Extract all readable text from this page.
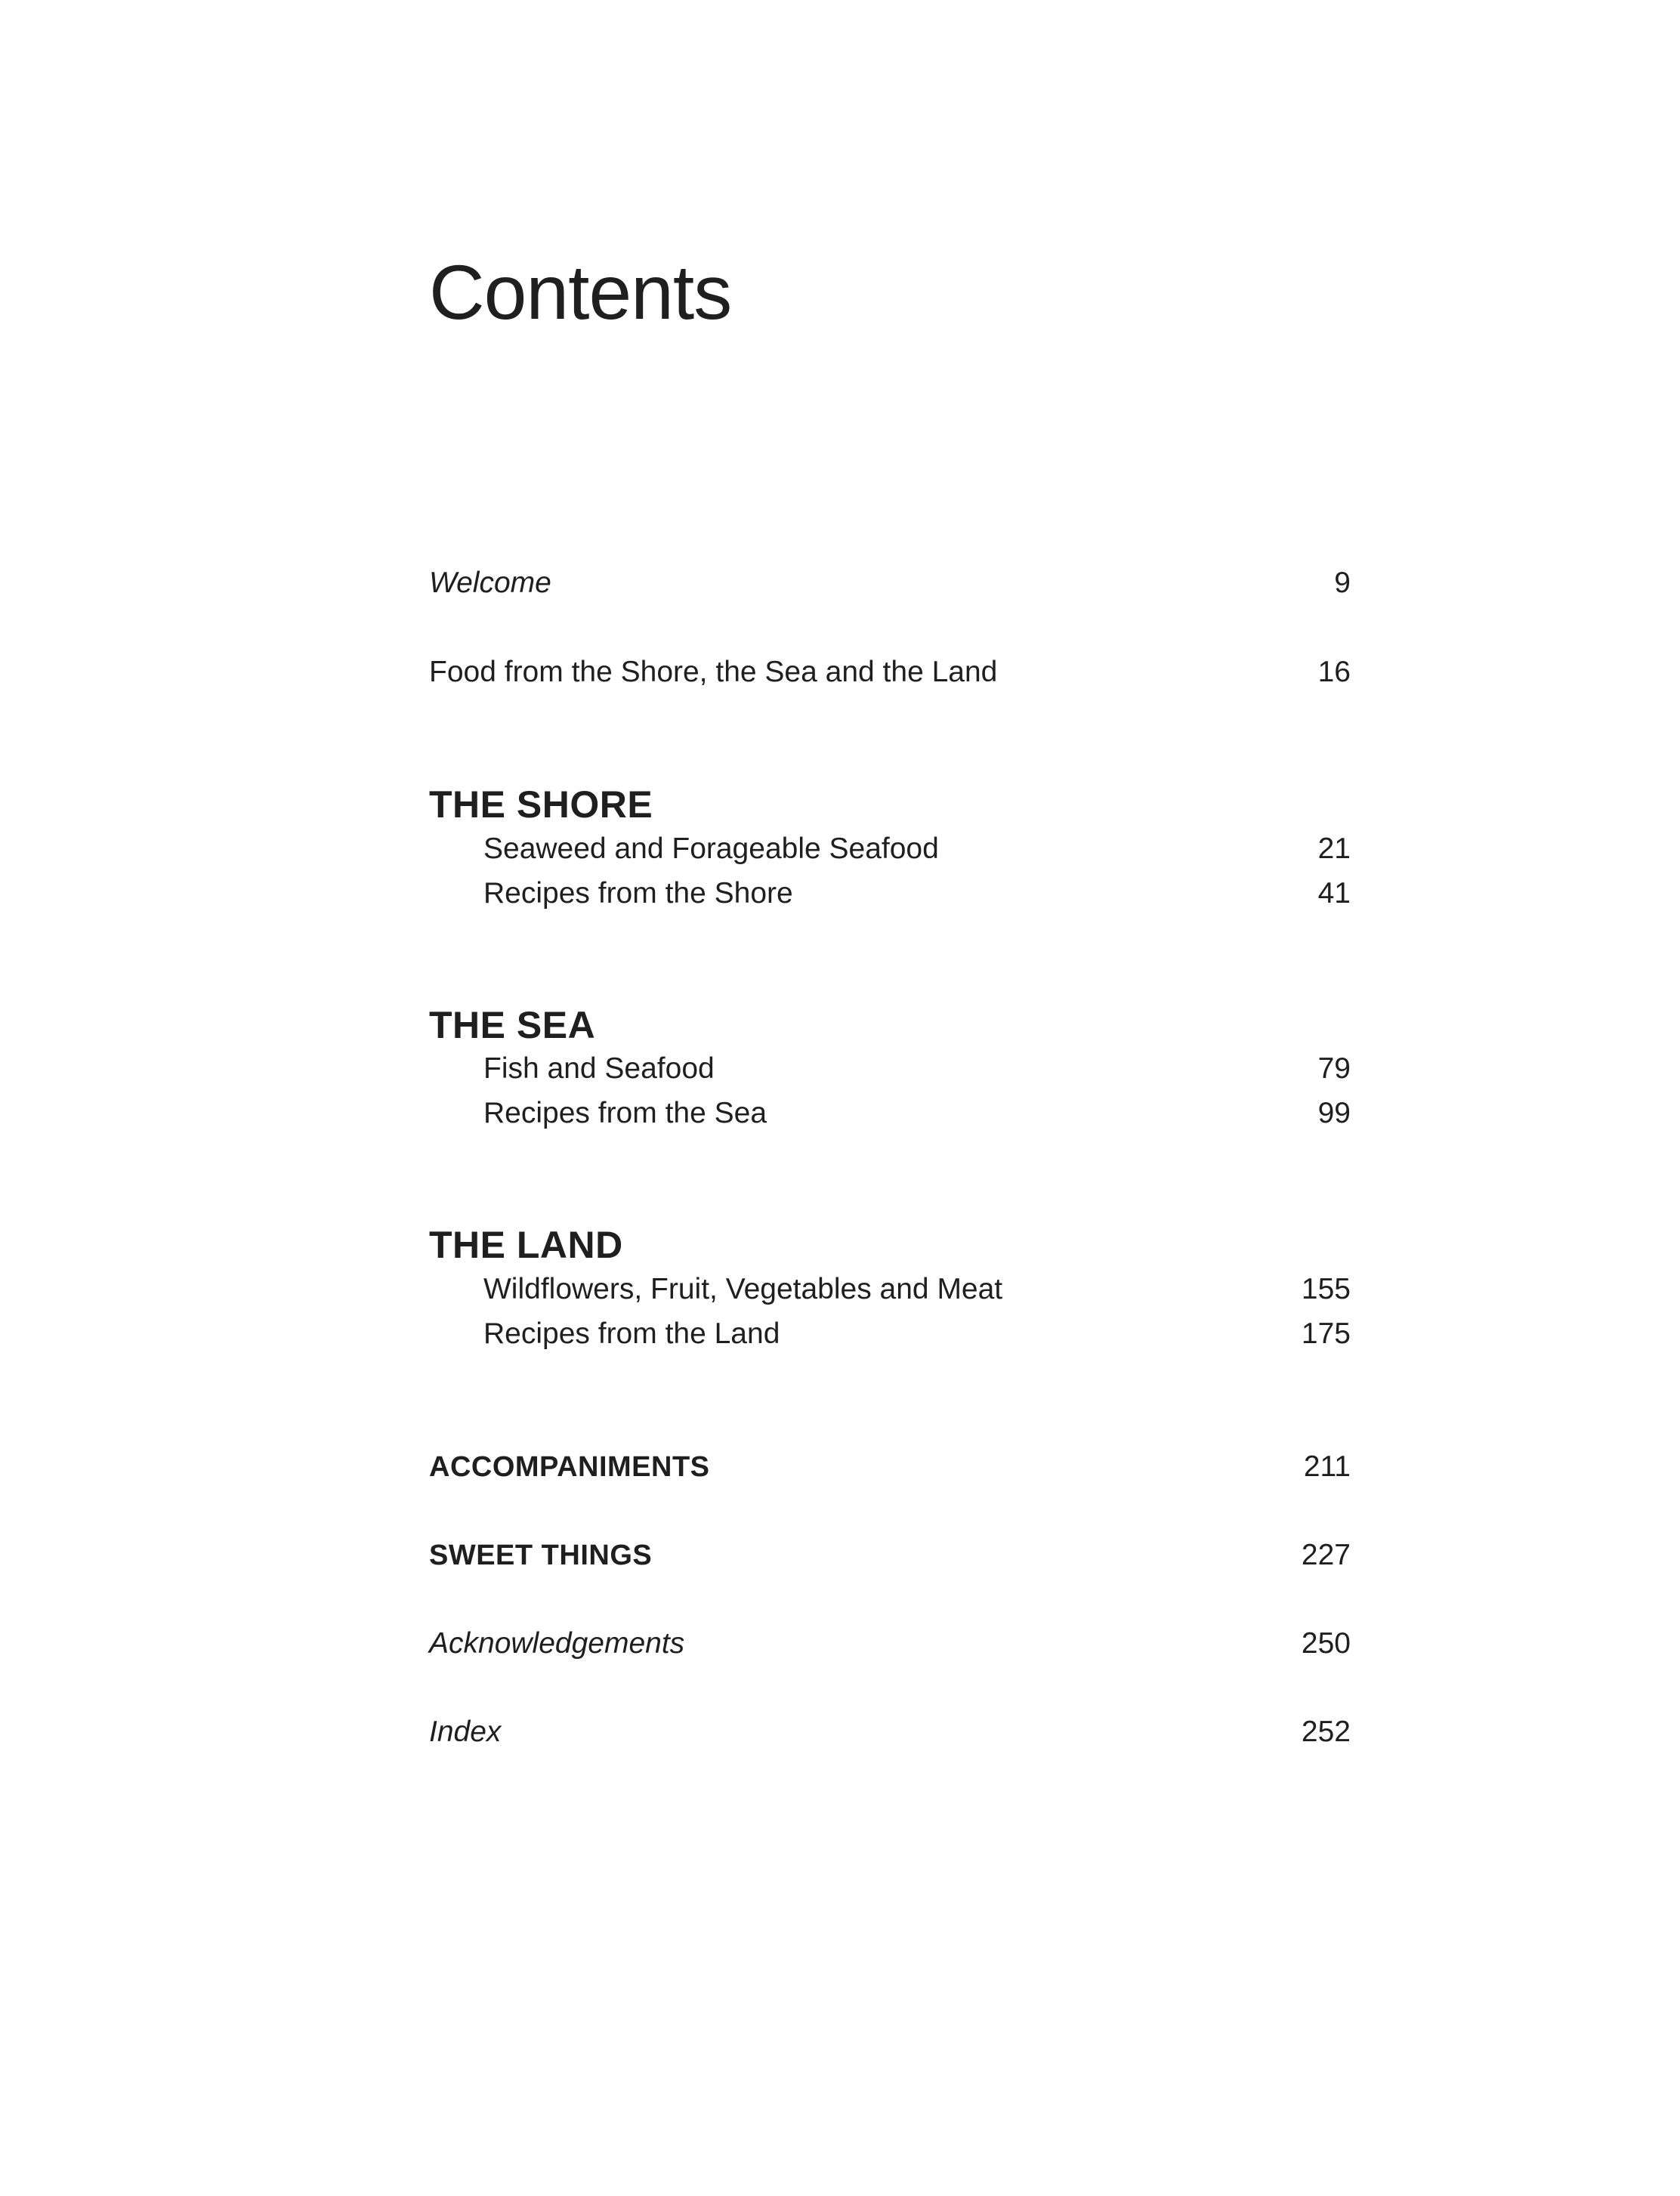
Contents
Welcome	9
Food from the Shore, the Sea and the Land	16
THE SHORE
Seaweed and Forageable Seafood	21
Recipes from the Shore	41
THE SEA
Fish and Seafood	79
Recipes from the Sea	99
THE LAND
Wildflowers, Fruit, Vegetables and Meat	155
Recipes from the Land	175
ACCOMPANIMENTS	211
SWEET THINGS	227
Acknowledgements	250
Index	252
